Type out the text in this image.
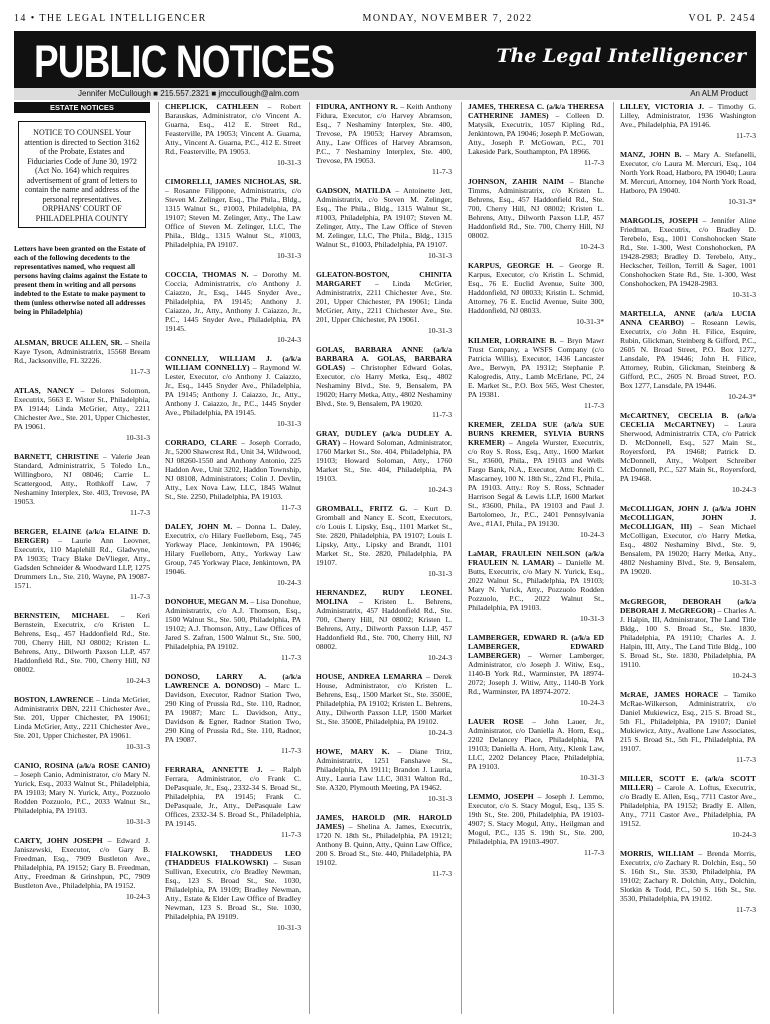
14 • THE LEGAL INTELLIGENCER	MONDAY, NOVEMBER 7, 2022	VOL P. 2454
PUBLIC NOTICES	The Legal Intelligencer
Jennifer McCullough ■ 215.557.2321 ■ jmccullough@alm.com	An ALM Product
ESTATE NOTICES
NOTICE TO COUNSEL Your attention is directed to Section 3162 of the Probate, Estates and Fiduciaries Code of June 30, 1972 (Act No. 164) which requires advertisement of grant of letters to contain the name and address of the personal representatives. ORPHANS' COURT OF PHILADELPHIA COUNTY
Letters have been granted on the Estate of each of the following decedents to the representatives named, who request all persons having claims against the Estate to present them in writing and all persons indebted to the Estate to make payment to them (unless otherwise noted all addresses being in Philadelphia)
ALSMAN, BRUCE ALLEN, SR. – Sheila Kaye Tyson, Administratrix, 15568 Bream Rd., Jacksonville, FL 32226.
11-7-3
ATLAS, NANCY – Delores Solomon, Executrix, 5663 E. Wister St., Philadelphia, PA 19144; Linda McGrier, Atty., 2211 Chichester Ave., Ste. 201, Upper Chichester, PA 19061.
10-31-3
BARNETT, CHRISTINE – Valerie Jean Standard, Administratrix, 5 Toledo Ln., Willingboro, NJ 08046; Carrie L. Scattergood, Atty., Rothkoff Law, 7 Neshaminy Interplex, Ste. 403, Trevose, PA 19053.
11-7-3
BERGER, ELAINE (a/k/a ELAINE D. BERGER) – Laurie Ann Leovner, Executrix, 110 Maplehill Rd., Gladwyne, PA 19035; Tracy Blake DeVlieger, Atty., Gadsden Schneider & Woodward LLP, 1275 Drummers Ln., Ste. 210, Wayne, PA 19087-1571.
11-7-3
BERNSTEIN, MICHAEL – Keri Bernstein, Executrix, c/o Kristen L. Behrens, Esq., 457 Haddonfield Rd., Ste. 700, Cherry Hill, NJ 08002; Kristen L. Behrens, Atty., Dilworth Paxson LLP, 457 Haddonfield Rd., Ste. 700, Cherry Hill, NJ 08002.
10-24-3
BOSTON, LAWRENCE – Linda McGrier, Administratrix DBN, 2211 Chichester Ave., Ste. 201, Upper Chichester, PA 19061; Linda McGrier, Atty., 2211 Chichester Ave., Ste. 201, Upper Chichester, PA 19061.
10-31-3
CANIO, ROSINA (a/k/a ROSE CANIO) – Joseph Canio, Administrator, c/o Mary N. Yurick, Esq., 2033 Walnut St., Philadelphia, PA 19103; Mary N. Yurick, Atty., Pozzuolo Rodden Pozzuolo, P.C., 2033 Walnut St., Philadelphia, PA 19103.
10-31-3
CARTY, JOHN JOSEPH – Edward J. Janiszewski, Executor, c/o Gary B. Freedman, Esq., 7909 Bustleton Ave., Philadelphia, PA 19152; Gary B. Freedman, Atty., Freedman & Grinshpun, PC, 7909 Bustleton Ave., Philadelphia, PA 19152.
10-24-3
CHEPLICK, CATHLEEN – Robert Barauskas, Administrator, c/o Vincent A. Guarna, Esq., 412 E. Street Rd., Feasterville, PA 19053; Vincent A. Guarna, Atty., Vincent A. Guarna, P.C., 412 E. Street Rd., Feasterville, PA 19053.
10-31-3
CIMORELLI, JAMES NICHOLAS, SR. – Rosanne Filippone, Administratrix, c/o Steven M. Zelinger, Esq., The Phila., Bldg., 1315 Walnut St., #1003, Philadelphia, PA 19107; Steven M. Zelinger, Atty., The Law Office of Steven M. Zelinger, LLC, The Phila., Bldg., 1315 Walnut St., #1003, Philadelphia, PA 19107.
10-31-3
COCCIA, THOMAS N. – Dorothy M. Coccia, Administratrix, c/o Anthony J. Caiazzo, Jr., Esq., 1445 Snyder Ave., Philadelphia, PA 19145; Anthony J. Caiazzo, Jr., Atty., Anthony J. Caiazzo, Jr., P.C., 1445 Snyder Ave., Philadelphia, PA 19145.
10-24-3
CONNELLY, WILLIAM J. (a/k/a WILLIAM CONNELLY) – Raymond W. Lester, Executor, c/o Anthony J. Caiazzo, Jr., Esq., 1445 Snyder Ave., Philadelphia, PA 19145; Anthony J. Caiazzo, Jr., Atty., Anthony J. Caiazzo, Jr., P.C., 1445 Snyder Ave., Philadelphia, PA 19145.
10-31-3
CORRADO, CLARE – Joseph Corrado, Jr., 5200 Shawcrest Rd., Unit 34, Wildwood, NJ 08260-1550 and Anthony Antonio, 225 Haddon Ave., Unit 3202, Haddon Township, NJ 08108, Administrators; Colin J. Devlin, Atty., Lex Nova Law, LLC, 1845 Walnut St., Ste. 2250, Philadelphia, PA 19103.
11-7-3
DALEY, JOHN M. – Donna L. Daley, Executrix, c/o Hilary Fuelleborn, Esq., 745 Yorkway Place, Jenkintown, PA 19046; Hilary Fuelleborn, Atty., Yorkway Law Group, 745 Yorkway Place, Jenkintown, PA 19046.
10-24-3
DONOHUE, MEGAN M. – Lisa Donohue, Administratrix, c/o A.J. Thomson, Esq., 1500 Walnut St., Ste. 500, Philadelphia, PA 19102; A.J. Thomson, Atty., Law Offices of Jared S. Zafran, 1500 Walnut St., Ste. 500, Philadelphia, PA 19102.
11-7-3
DONOSO, LARRY A. (a/k/a LAWRENCE A. DONOSO) – Marc L. Davidson, Executor, Radnor Station Two, 290 King of Prussia Rd., Ste. 110, Radnor, PA 19087; Marc L. Davidson, Atty., Davidson & Egner, Radnor Station Two, 290 King of Prussia Rd., Ste. 110, Radnor, PA 19087.
11-7-3
FERRARA, ANNETTE J. – Ralph Ferrara, Administrator, c/o Frank C. DePasquale, Jr., Esq., 2332-34 S. Broad St., Philadelphia, PA 19145; Frank C. DePasquale, Jr., Atty., DePasquale Law Offices, 2332-34 S. Broad St., Philadelphia, PA 19145.
11-7-3
FIALKOWSKI, THADDEUS LEO (THADDEUS FIALKOWSKI) – Susan Sullivan, Executrix, c/o Bradley Newman, Esq., 123 S. Broad St., Ste. 1030, Philadelphia, PA 19109; Bradley Newman, Atty., Estate & Elder Law Office of Bradley Newman, 123 S. Broad St., Ste. 1030, Philadelphia, PA 19109.
10-31-3
FIDURA, ANTHONY R. – Keith Anthony Fidura, Executor, c/o Harvey Abramson, Esq., 7 Neshaminy Interplex, Ste. 400, Trevose, PA 19053; Harvey Abramson, Atty., Law Offices of Harvey Abramson, P.C., 7 Neshaminy Interplex, Ste. 400, Trevose, PA 19053.
11-7-3
GADSON, MATILDA – Antoinette Jett, Administratrix, c/o Steven M. Zelinger, Esq., The Phila., Bldg., 1315 Walnut St., #1003, Philadelphia, PA 19107; Steven M. Zelinger, Atty., The Law Office of Steven M. Zelinger, LLC, The Phila., Bldg., 1315 Walnut St., #1003, Philadelphia, PA 19107.
10-31-3
GLEATON-BOSTON, CHINITA MARGARET – Linda McGrier, Administratrix, 2211 Chichester Ave., Ste. 201, Upper Chichester, PA 19061; Linda McGrier, Atty., 2211 Chichester Ave., Ste. 201, Upper Chichester, PA 19061.
10-31-3
GOLAS, BARBARA ANNE (a/k/a BARBARA A. GOLAS, BARBARA GOLAS) – Christopher Edward Golas, Executor, c/o Harry Metka, Esq., 4802 Neshaminy Blvd., Ste. 9, Bensalem, PA 19020; Harry Metka, Atty., 4802 Neshaminy Blvd., Ste. 9, Bensalem, PA 19020.
11-7-3
GRAY, DUDLEY (a/k/a DUDLEY A. GRAY) – Howard Soloman, Administrator, 1760 Market St., Ste. 404, Philadelphia, PA 19103; Howard Soloman, Atty., 1760 Market St., Ste. 404, Philadelphia, PA 19103.
10-24-3
GROMBALL, FRITZ G. – Kurt D. Gromball and Nancy E. Scott, Executors, c/o Louis I. Lipsky, Esq., 1101 Market St., Ste. 2820, Philadelphia, PA 19107; Louis I. Lipsky, Atty., Lipsky and Brandt, 1101 Market St., Ste. 2820, Philadelphia, PA 19107.
10-31-3
HERNANDEZ, RUDY LEONEL MOLINA – Kristen L. Behrens, Administratrix, 457 Haddonfield Rd., Ste. 700, Cherry Hill, NJ 08002; Kristen L. Behrens, Atty., Dilworth Paxson LLP, 457 Haddonfield Rd., Ste. 700, Cherry Hill, NJ 08002.
10-24-3
HOUSE, ANDREA LEMARRA – Derek House, Administrator, c/o Kristen L. Behrens, Esq., 1500 Market St., Ste. 3500E, Philadelphia, PA 19102; Kristen L. Behrens, Atty., Dilworth Paxson LLP, 1500 Market St., Ste. 3500E, Philadelphia, PA 19102.
10-24-3
HOWE, MARY K. – Diane Tritz, Administratrix, 1251 Fanshawe St., Philadelphia, PA 19111; Brandon J. Lauria, Atty., Lauria Law LLC, 3031 Walton Rd., Ste. A320, Plymouth Meeting, PA 19462.
10-31-3
JAMES, HAROLD (MR. HAROLD JAMES) – Shelina A. James, Executrix, 1720 N. 18th St., Philadelphia, PA 19121; Anthony B. Quinn, Atty., Quinn Law Office, 200 S. Broad St., Ste. 440, Philadelphia, PA 19102.
11-7-3
JAMES, THERESA C. (a/k/a THERESA CATHERINE JAMES) – Colleen D. Matysik, Executrix, 1057 Kipling Rd., Jenkintown, PA 19046; Joseph P. McGowan, Atty., Joseph P. McGowan, P.C., 701 Lakeside Park, Southampton, PA 18966.
11-7-3
JOHNSON, ZAHIR NAIM – Blanche Timms, Administratrix, c/o Kristen L. Behrens, Esq., 457 Haddonfield Rd., Ste. 700, Cherry Hill, NJ 08002; Kristen L. Behrens, Atty., Dilworth Paxson LLP, 457 Haddonfield Rd., Ste. 700, Cherry Hill, NJ 08002.
10-24-3
KARPUS, GEORGE H. – George R. Karpus, Executor, c/o Kristin L. Schmid, Esq., 76 E. Euclid Avenue, Suite 300, Haddonfield, NJ 08033; Kristin L. Schmid, Attorney, 76 E. Euclid Avenue, Suite 300, Haddonfield, NJ 08033.
10-31-3*
KILMER, LORRAINE B. – Bryn Mawr Trust Company, a WSFS Company (c/o Patricia Willis), Executor, 1436 Lancaster Ave., Berwyn, PA 19312; Stephanie P. Kalogredis, Atty., Lamb McErlane, PC, 24 E. Market St., P.O. Box 565, West Chester, PA 19381.
11-7-3
KREMER, ZELDA SUE (a/k/a SUE BURNS KREMER, SYLVIA BURNS KREMER) – Angela Wurster, Executrix, c/o Roy S. Ross, Esq., Atty., 1600 Market St., #3600, Phila., PA 19103 and Wells Fargo Bank, N.A., Executor, Attn: Keith C. Mascarney, 100 N. 18th St., 22nd Fl., Phila., PA 19103. Atty.: Roy S. Ross, Schnader Harrison Segal & Lewis LLP, 1600 Market St., #3600, Phila., PA 19103 and Paul J. Bartolomeo, Jr., P.C., 2401 Pennsylvania Ave., #1A1, Phila., PA 19130.
10-24-3
LaMAR, FRAULEIN NEILSON (a/k/a FRAULEIN N. LAMAR) – Danielle M. Butts, Executrix, c/o Mary N. Yurick, Esq., 2022 Walnut St., Philadelphia, PA 19103; Mary N. Yurick, Atty., Pozzuolo Rodden Pozzuolo, P.C., 2022 Walnut St., Philadelphia, PA 19103.
10-31-3
LAMBERGER, EDWARD R. (a/k/a ED LAMBERGER, EDWARD LAMBERGER) – Werner Lamberger, Administrator, c/o Joseph J. Witiw, Esq., 1140-B York Rd., Warminster, PA 18974-2072; Joseph J. Witiw, Atty., 1140-B York Rd., Warminster, PA 18974-2072.
10-24-3
LAUER ROSE – John Lauer, Jr., Administrator, c/o Daniella A. Horn, Esq., 2202 Delancey Place, Philadelphia, PA 19103; Daniella A. Horn, Atty., Klenk Law, LLC, 2202 Delancey Place, Philadelphia, PA 19103.
10-31-3
LEMMO, JOSEPH – Joseph J. Lemmo, Executor, c/o S. Stacy Mogul, Esq., 135 S. 19th St., Ste. 200, Philadelphia, PA 19103-4907; S. Stacy Mogul, Atty., Heilgman and Mogul, P.C., 135 S. 19th St., Ste. 200, Philadelphia, PA 19103-4907.
11-7-3
LILLEY, VICTORIA J. – Timothy G. Lilley, Administrator, 1936 Washington Ave., Philadelphia, PA 19146.
11-7-3
MANZ, JOHN B. – Mary A. Stefanelli, Executor, c/o Laura M. Mercuri, Esq., 104 North York Road, Hatboro, PA 19040; Laura M. Mercuri, Attorney, 104 North York Road, Hatboro, PA 19040.
10-31-3*
MARGOLIS, JOSEPH – Jennifer Aline Friedman, Executrix, c/o Bradley D. Terebelo, Esq., 1001 Conshohocken State Rd., Ste. 1-300, West Conshohocken, PA 19428-2983; Bradley D. Terebelo, Atty., Heckscher, Teillon, Terrill & Sager, 1001 Conshohocken State Rd., Ste. 1-300, West Conshohocken, PA 19428-2983.
10-31-3
MARTELLA, ANNE (a/k/a LUCIA ANNA CEARBO) – Roseann Lewis, Executrix, c/o John H. Filice, Esquire, Rubin, Glickman, Steinberg & Gifford, P.C., 2605 N. Broad Street, P.O. Box 1277, Lansdale, PA 19446; John H. Filice, Attorney, Rubin, Glickman, Steinberg & Gifford, P.C., 2605 N. Broad Street, P.O. Box 1277, Lansdale, PA 19446.
10-24-3*
McCARTNEY, CECELIA B. (a/k/a CECELIA McCARTNEY) – Laura Sherwood, Administratrix CTA, c/o Patrick D. McDonnell, Esq., 527 Main St., Royersford, PA 19468; Patrick D. McDonnell, Atty., Wolpert Schreiber McDonnell, P.C., 527 Main St., Royersford, PA 19468.
10-24-3
McCOLLIGAN, JOHN J. (a/k/a JOHN McCOLLIGAN, JOHN J. McCOLLIGAN, III) – Sean Michael McColligan, Executor, c/o Harry Metka, Esq., 4802 Neshaminy Blvd., Ste. 9, Bensalem, PA 19020; Harry Metka, Atty., 4802 Neshaminy Blvd., Ste. 9, Bensalem, PA 19020.
10-31-3
McGREGOR, DEBORAH (a/k/a DEBORAH J. McGREGOR) – Charles A. J. Halpin, III, Administrator, The Land Title Bldg., 100 S. Broad St., Ste. 1830, Philadelphia, PA 19110; Charles A. J. Halpin, III, Atty., The Land Title Bldg., 100 S. Broad St., Ste. 1830, Philadelphia, PA 19110.
10-24-3
McRAE, JAMES HORACE – Tamiko McRae-Wilkerson, Administratrix, c/o Daniel Mukiewicz, Esq., 215 S. Broad St., 5th Fl., Philadelphia, PA 19107; Daniel Mukiewicz, Atty., Avallone Law Associates, 215 S. Broad St., 5th Fl., Philadelphia, PA 19107.
11-7-3
MILLER, SCOTT E. (a/k/a SCOTT MILLER) – Carole A. Loftus, Executrix, c/o Bradly E. Allen, Esq., 7711 Castor Ave., Philadelphia, PA 19152; Bradly E. Allen, Atty., 7711 Castor Ave., Philadelphia, PA 19152.
10-24-3
MORRIS, WILLIAM – Brenda Morris, Executrix, c/o Zachary R. Dolchin, Esq., 50 S. 16th St., Ste. 3530, Philadelphia, PA 19102; Zachary R. Dolchin, Atty., Dolchin, Slotkin & Todd, P.C., 50 S. 16th St., Ste. 3530, Philadelphia, PA 19102.
11-7-3
